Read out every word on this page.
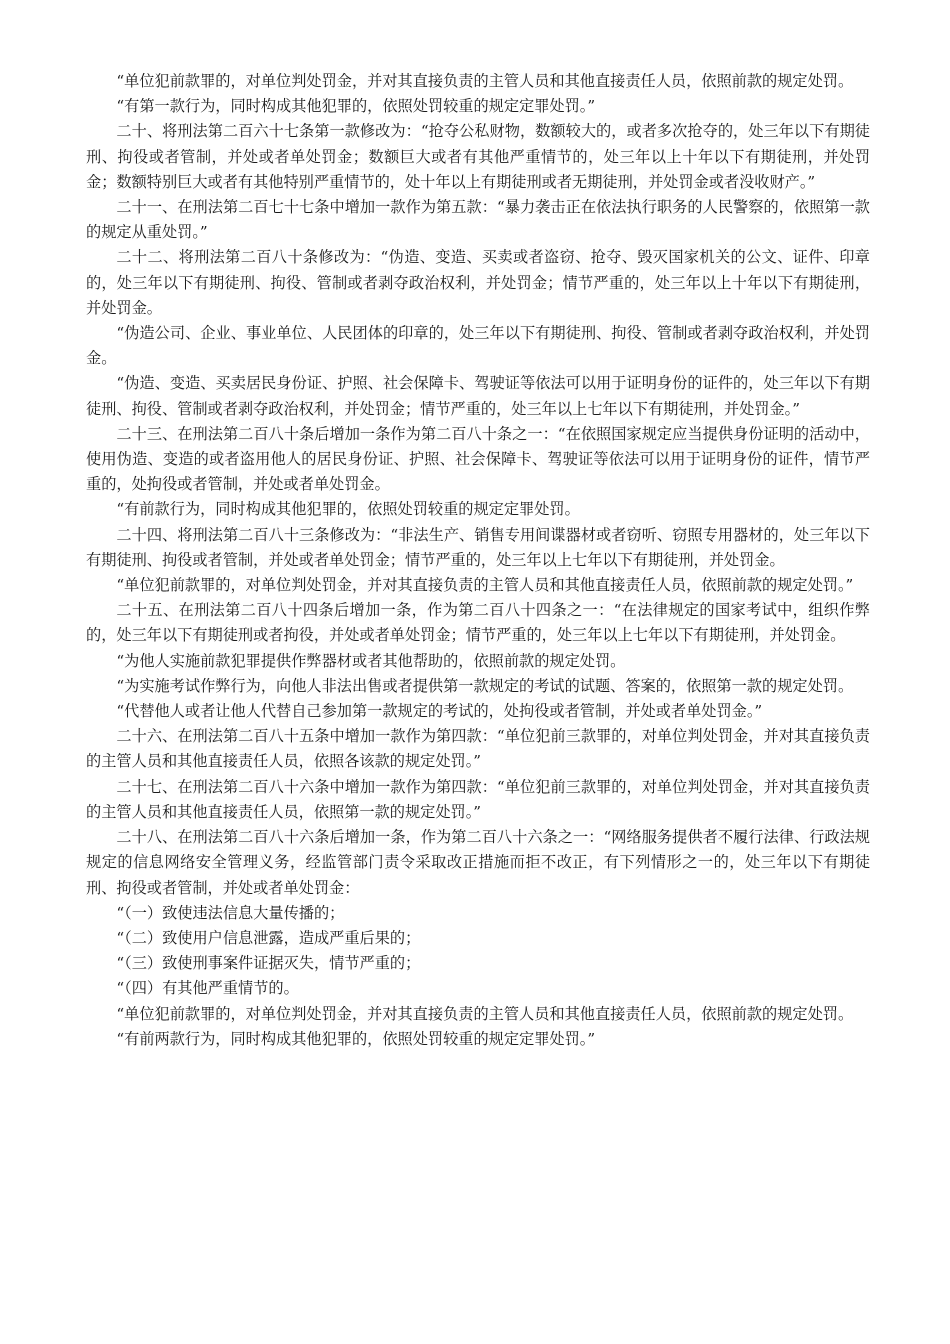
“单位犯前款罪的，对单位判处罚金，并对其直接负责的主管人员和其他直接责任人员，依照前款的规定处罚。

“有第一款行为，同时构成其他犯罪的，依照处罚较重的规定定罪处罚。”

二十、将刑法第二百六十七条第一款修改为：“抢夺公私财物，数额较大的，或者多次抢夺的，处三年以下有期徒刑、拘役或者管制，并处或者单处罚金；数额巨大或者有其他严重情节的，处三年以上十年以下有期徒刑，并处罚金；数额特别巨大或者有其他特别严重情节的，处十年以上有期徒刑或者无期徒刑，并处罚金或者没收财产。”

二十一、在刑法第二百七十七条中增加一款作为第五款：“暴力袭击正在依法执行职务的人民警察的，依照第一款的规定从重处罚。”

二十二、将刑法第二百八十条修改为：“伪造、变造、买卖或者盗窃、抢夺、毁灭国家机关的公文、证件、印章的，处三年以下有期徒刑、拘役、管制或者剥夺政治权利，并处罚金；情节严重的，处三年以上十年以下有期徒刑，并处罚金。

“伪造公司、企业、事业单位、人民团体的印章的，处三年以下有期徒刑、拘役、管制或者剥夺政治权利，并处罚金。

“伪造、变造、买卖居民身份证、护照、社会保障卡、驾驶证等依法可以用于证明身份的证件的，处三年以下有期徒刑、拘役、管制或者剥夺政治权利，并处罚金；情节严重的，处三年以上七年以下有期徒刑，并处罚金。”

二十三、在刑法第二百八十条后增加一条作为第二百八十条之一：“在依照国家规定应当提供身份证明的活动中，使用伪造、变造的或者盗用他人的居民身份证、护照、社会保障卡、驾驶证等依法可以用于证明身份的证件，情节严重的，处拘役或者管制，并处或者单处罚金。

“有前款行为，同时构成其他犯罪的，依照处罚较重的规定定罪处罚。

二十四、将刑法第二百八十三条修改为：“非法生产、销售专用间谍器材或者窃听、窃照专用器材的，处三年以下有期徒刑、拘役或者管制，并处或者单处罚金；情节严重的，处三年以上七年以下有期徒刑，并处罚金。

“单位犯前款罪的，对单位判处罚金，并对其直接负责的主管人员和其他直接责任人员，依照前款的规定处罚。”

二十五、在刑法第二百八十四条后增加一条，作为第二百八十四条之一：“在法律规定的国家考试中，组织作弊的，处三年以下有期徒刑或者拘役，并处或者单处罚金；情节严重的，处三年以上七年以下有期徒刑，并处罚金。

“为他人实施前款犯罪提供作弊器材或者其他帮助的，依照前款的规定处罚。

“为实施考试作弊行为，向他人非法出售或者提供第一款规定的考试的试题、答案的，依照第一款的规定处罚。

“代替他人或者让他人代替自己参加第一款规定的考试的，处拘役或者管制，并处或者单处罚金。”

二十六、在刑法第二百八十五条中增加一款作为第四款：“单位犯前三款罪的，对单位判处罚金，并对其直接负责的主管人员和其他直接责任人员，依照各该款的规定处罚。”

二十七、在刑法第二百八十六条中增加一款作为第四款：“单位犯前三款罪的，对单位判处罚金，并对其直接负责的主管人员和其他直接责任人员，依照第一款的规定处罚。”

二十八、在刑法第二百八十六条后增加一条，作为第二百八十六条之一：“网络服务提供者不履行法律、行政法规规定的信息网络安全管理义务，经监管部门责令采取改正措施而拒不改正，有下列情形之一的，处三年以下有期徒刑、拘役或者管制，并处或者单处罚金：

“（一）致使违法信息大量传播的；

“（二）致使用户信息泄露，造成严重后果的；

“（三）致使刑事案件证据灭失，情节严重的；

“（四）有其他严重情节的。

“单位犯前款罪的，对单位判处罚金，并对其直接负责的主管人员和其他直接责任人员，依照前款的规定处罚。

“有前两款行为，同时构成其他犯罪的，依照处罚较重的规定定罪处罚。”
